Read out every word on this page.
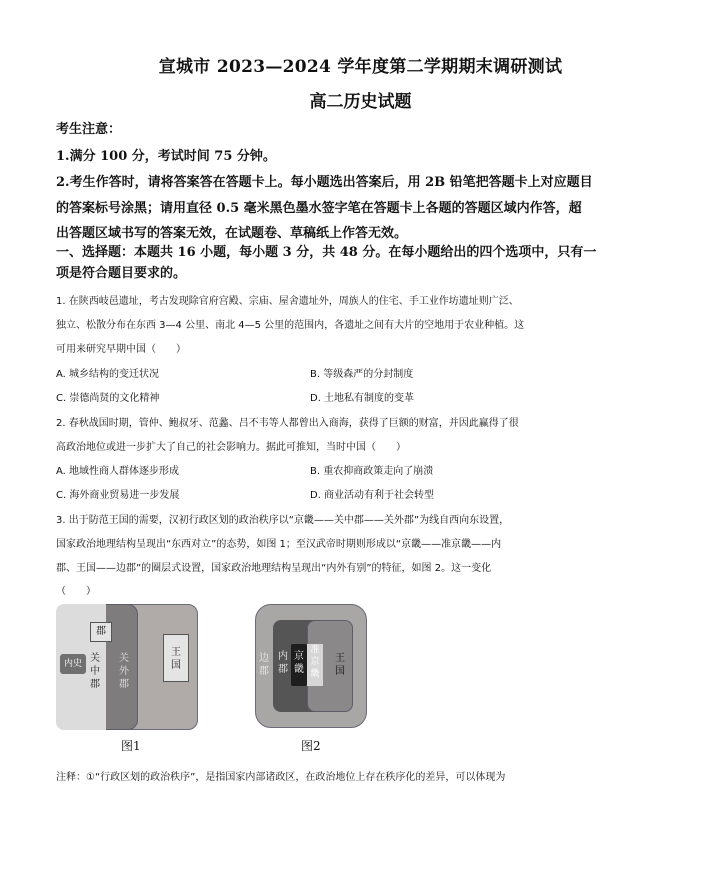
宣城市 2023—2024 学年度第二学期期末调研测试
高二历史试题
考生注意：
1.满分 100 分，考试时间 75 分钟。
2.考生作答时，请将答案答在答题卡上。每小题选出答案后，用 2B 铅笔把答题卡上对应题目
的答案标号涂黑；请用直径 0.5 毫米黑色墨水签字笔在答题卡上各题的答题区域内作答，超
出答题区域书写的答案无效，在试题卷、草稿纸上作答无效。
一、选择题：本题共 16 小题，每小题 3 分，共 48 分。在每小题给出的四个选项中，只有一
项是符合题目要求的。
1. 在陕西岐邑遗址，考古发现除官府宫殿、宗庙、屋舍遗址外，周族人的住宅、手工业作坊遗址则广泛、
独立、松散分布在东西 3—4 公里、南北 4—5 公里的范围内，各遗址之间有大片的空地用于农业种植。这
可用来研究早期中国（　　）
A. 城乡结构的变迁状况	B. 等级森严的分封制度
C. 崇德尚贤的文化精神	D. 土地私有制度的变革
2. 春秋战国时期，管仲、鲍叔牙、范蠡、吕不韦等人都曾出入商海，获得了巨额的财富，并因此赢得了很
高政治地位或进一步扩大了自己的社会影响力。据此可推知，当时中国（　　）
A. 地域性商人群体逐步形成	B. 重农抑商政策走向了崩溃
C. 海外商业贸易进一步发展	D. 商业活动有利于社会转型
3. 出于防范王国的需要，汉初行政区划的政治秩序以“京畿——关中郡——关外郡”为线自西向东设置，
国家政治地理结构呈现出“东西对立”的态势，如图 1；至汉武帝时期则形成以“京畿——准京畿——内
郡、王国——边郡”的圈层式设置，国家政治地理结构呈现出“内外有别”的特征，如图 2。这一变化
（　　）
郡
内史 关中郡
关外郡
王国
图1
边郡
内郡
京畿
准京畿
王国
图2
注释：①“行政区划的政治秩序”，是指国家内部诸政区，在政治地位上存在秩序化的差异，可以体现为
